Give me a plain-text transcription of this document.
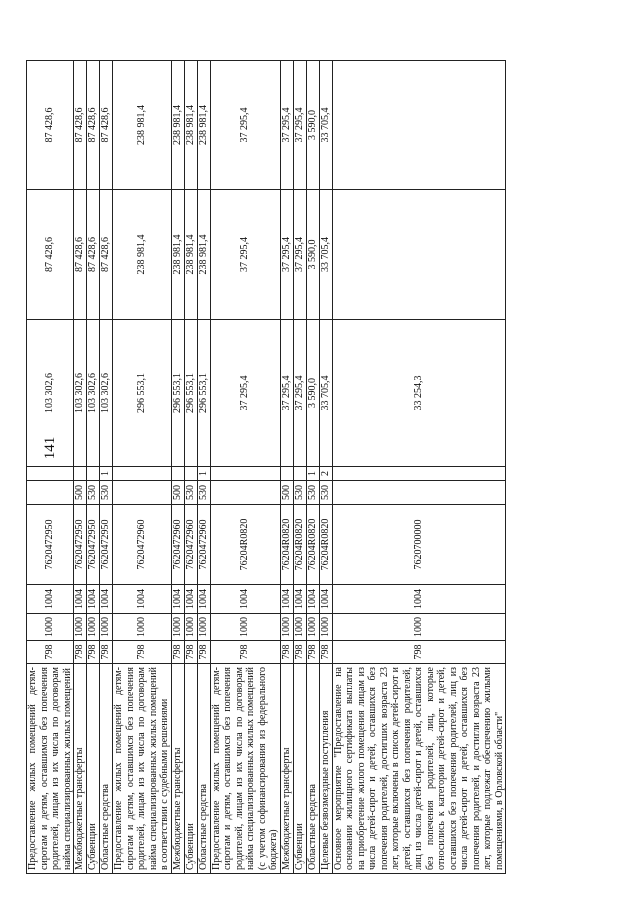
141
Предоставление жилых помещений детям-сиротам и детям, оставшимся без попечения родителей, лицам из их числа по договорам найма специализированных жилых помещений	798	1000	1004	7620472950			103 302,6	87 428,6	87 428,6
Межбюджетные трансферты	798	1000	1004	7620472950	500		103 302,6	87 428,6	87 428,6
Субвенции	798	1000	1004	7620472950	530		103 302,6	87 428,6	87 428,6
Областные средства	798	1000	1004	7620472950	530	1	103 302,6	87 428,6	87 428,6
Предоставление жилых помещений детям-сиротам и детям, оставшимся без попечения родителей, лицам из их числа по договорам найма специализированных жилых помещений в соответствии с судебными решениями	798	1000	1004	7620472960			296 553,1	238 981,4	238 981,4
Межбюджетные трансферты	798	1000	1004	7620472960	500		296 553,1	238 981,4	238 981,4
Субвенции	798	1000	1004	7620472960	530		296 553,1	238 981,4	238 981,4
Областные средства	798	1000	1004	7620472960	530	1	296 553,1	238 981,4	238 981,4
Предоставление жилых помещений детям-сиротам и детям, оставшимся без попечения родителей, лицам из их числа по договорам найма специализированных жилых помещений (с учетом софинансирования из федерального бюджета)	798	1000	1004	76204R0820			37 295,4	37 295,4	37 295,4
Межбюджетные трансферты	798	1000	1004	76204R0820	500		37 295,4	37 295,4	37 295,4
Субвенции	798	1000	1004	76204R0820	530		37 295,4	37 295,4	37 295,4
Областные средства	798	1000	1004	76204R0820	530	1	3 590,0	3 590,0	3 590,0
Целевые безвозмездные поступления	798	1000	1004	76204R0820	530	2	33 705,4	33 705,4	33 705,4
Основное мероприятие "Предоставление на основании жилищного сертификата выплаты на приобретение жилого помещения лицам из числа детей-сирот и детей, оставшихся без попечения родителей, достигших возраста 23 лет, которые включены в список детей-сирот и детей, оставшихся без попечения родителей, лиц из числа детей-сирот и детей, оставшихся без попечения родителей, лиц, которые относились к категории детей-сирот и детей, оставшихся без попечения родителей, лиц из числа детей-сирот и детей, оставшихся без попечения родителей, и достигли возраста 23 лет, которые подлежат обеспечению жилыми помещениями, в Орловской области"	798	1000	1004	7620700000			33 254,3		
